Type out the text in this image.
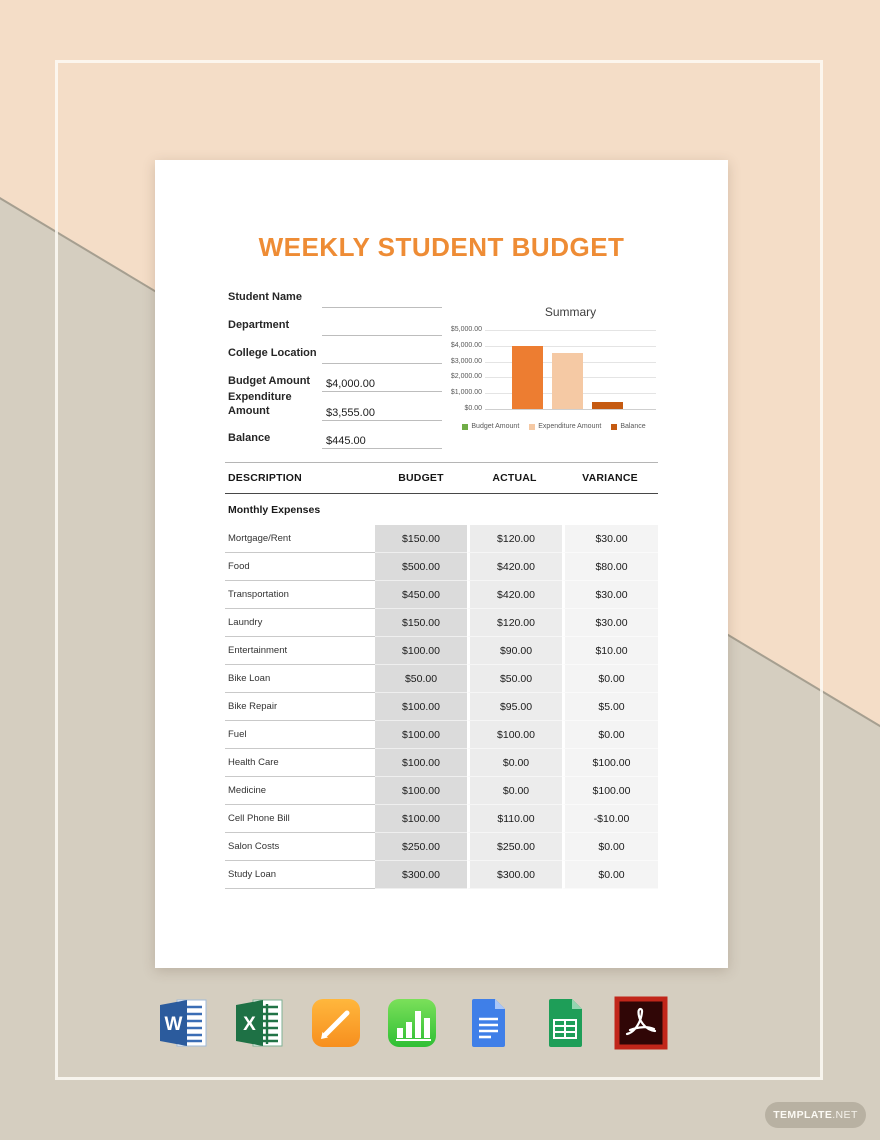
WEEKLY STUDENT BUDGET
Student Name
Department
College Location
Budget Amount	$4,000.00
Expenditure Amount	$3,555.00
Balance	$445.00
Summary
$5,000.00
$4,000.00
$3,000.00
$2,000.00
$1,000.00
$0.00
Budget Amount	Expenditure Amount	Balance
DESCRIPTION	BUDGET	ACTUAL	VARIANCE
Monthly Expenses
Mortgage/Rent	$150.00	$120.00	$30.00
Food	$500.00	$420.00	$80.00
Transportation	$450.00	$420.00	$30.00
Laundry	$150.00	$120.00	$30.00
Entertainment	$100.00	$90.00	$10.00
Bike Loan	$50.00	$50.00	$0.00
Bike Repair	$100.00	$95.00	$5.00
Fuel	$100.00	$100.00	$0.00
Health Care	$100.00	$0.00	$100.00
Medicine	$100.00	$0.00	$100.00
Cell Phone Bill	$100.00	$110.00	-$10.00
Salon Costs	$250.00	$250.00	$0.00
Study Loan	$300.00	$300.00	$0.00
W	X
TEMPLATE .NET
